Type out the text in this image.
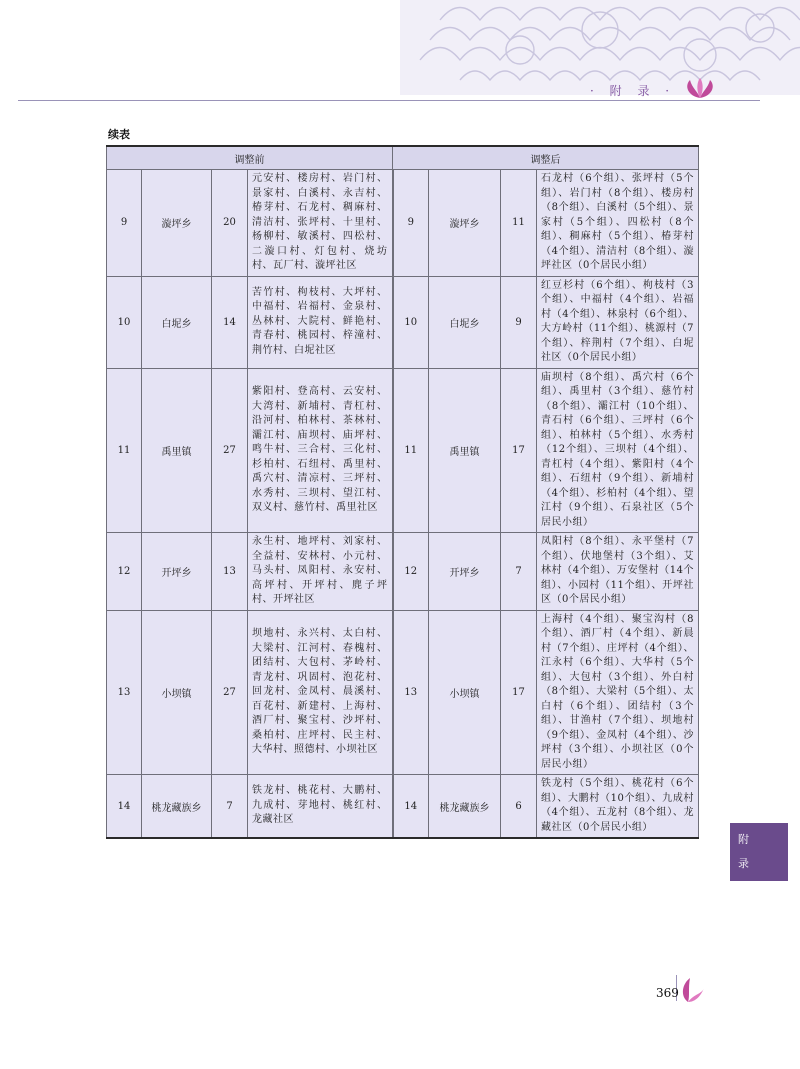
· 附 录 ·
续表
调整前				调整后			
9	漩坪乡	20	元安村、楼房村、岩门村、景家村、白溪村、永吉村、椿芽村、石龙村、稠麻村、清洁村、张坪村、十里村、杨柳村、敏溪村、四松村、二漩口村、灯包村、烧坊村、瓦厂村、漩坪社区	9	漩坪乡	11	石龙村（6个组）、张坪村（5个组）、岩门村（8个组）、楼房村（8个组）、白溪村（5个组）、景家村（5个组）、四松村（8个组）、稠麻村（5个组）、椿芽村（4个组）、清洁村（8个组）、漩坪社区（0个居民小组）
10	白坭乡	14	苦竹村、枸枝村、大坪村、中福村、岩福村、金泉村、丛林村、大院村、鲜艳村、青春村、桃园村、梓潼村、荆竹村、白坭社区	10	白坭乡	9	红豆杉村（6个组）、枸枝村（3个组）、中福村（4个组）、岩福村（4个组）、林泉村（6个组）、大方岭村（11个组）、桃源村（7个组）、梓荆村（7个组）、白坭社区（0个居民小组）
11	禹里镇	27	紫阳村、登高村、云安村、大湾村、新埔村、青杠村、沿河村、柏林村、茶林村、灞江村、庙坝村、庙坪村、鸣牛村、三合村、三化村、杉柏村、石纽村、禹里村、禹穴村、清凉村、三坪村、水秀村、三坝村、望江村、双义村、慈竹村、禹里社区	11	禹里镇	17	庙坝村（8个组）、禹穴村（6个组）、禹里村（3个组）、慈竹村（8个组）、灞江村（10个组）、青石村（6个组）、三坪村（6个组）、柏林村（5个组）、水秀村（12个组）、三坝村（4个组）、青杠村（4个组）、紫阳村（4个组）、石纽村（9个组）、新埔村（4个组）、杉柏村（4个组）、望江村（9个组）、石泉社区（5个居民小组）
12	开坪乡	13	永生村、地坪村、刘家村、全益村、安林村、小元村、马头村、凤阳村、永安村、高坪村、开坪村、麂子坪村、开坪社区	12	开坪乡	7	凤阳村（8个组）、永平堡村（7个组）、伏地堡村（3个组）、艾林村（4个组）、万安堡村（14个组）、小园村（11个组）、开坪社区（0个居民小组）
13	小坝镇	27	坝地村、永兴村、太白村、大梁村、江河村、春槐村、团结村、大包村、茅岭村、青龙村、巩固村、泡花村、回龙村、金凤村、晨溪村、百花村、新建村、上海村、酒厂村、聚宝村、沙坪村、桑柏村、庄坪村、民主村、大华村、照德村、小坝社区	13	小坝镇	17	上海村（4个组）、聚宝沟村（8个组）、酒厂村（4个组）、新晨村（7个组）、庄坪村（4个组）、江永村（6个组）、大华村（5个组）、大包村（3个组）、外白村（8个组）、大梁村（5个组）、太白村（6个组）、团结村（3个组）、甘渔村（7个组）、坝地村（9个组）、金凤村（4个组）、沙坪村（3个组）、小坝社区（0个居民小组）
14	桃龙藏族乡	7	铁龙村、桃花村、大鹏村、九成村、芽地村、桃红村、龙藏社区	14	桃龙藏族乡	6	铁龙村（5个组）、桃花村（6个组）、大鹏村（10个组）、九成村（4个组）、五龙村（8个组）、龙藏社区（0个居民小组）
附
录
369
